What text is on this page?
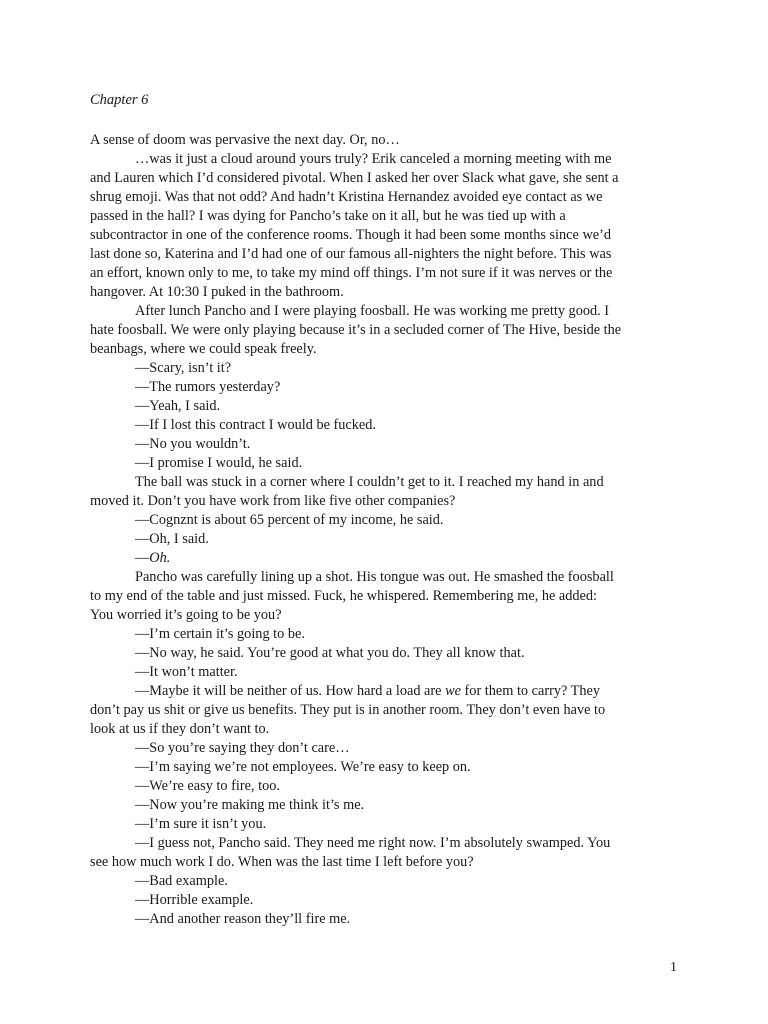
Chapter 6
A sense of doom was pervasive the next day. Or, no…
…was it just a cloud around yours truly? Erik canceled a morning meeting with me
and Lauren which I’d considered pivotal. When I asked her over Slack what gave, she sent a
shrug emoji. Was that not odd? And hadn’t Kristina Hernandez avoided eye contact as we
passed in the hall? I was dying for Pancho’s take on it all, but he was tied up with a
subcontractor in one of the conference rooms. Though it had been some months since we’d
last done so, Katerina and I’d had one of our famous all-nighters the night before. This was
an effort, known only to me, to take my mind off things. I’m not sure if it was nerves or the
hangover. At 10:30 I puked in the bathroom.
After lunch Pancho and I were playing foosball. He was working me pretty good. I
hate foosball. We were only playing because it’s in a secluded corner of The Hive, beside the
beanbags, where we could speak freely.
—Scary, isn’t it?
—The rumors yesterday?
—Yeah, I said.
—If I lost this contract I would be fucked.
—No you wouldn’t.
—I promise I would, he said.
The ball was stuck in a corner where I couldn’t get to it. I reached my hand in and
moved it. Don’t you have work from like five other companies?
—Cognznt is about 65 percent of my income, he said.
—Oh, I said.
—Oh.
Pancho was carefully lining up a shot. His tongue was out. He smashed the foosball
to my end of the table and just missed. Fuck, he whispered. Remembering me, he added:
You worried it’s going to be you?
—I’m certain it’s going to be.
—No way, he said. You’re good at what you do. They all know that.
—It won’t matter.
—Maybe it will be neither of us. How hard a load are we for them to carry? They
don’t pay us shit or give us benefits. They put is in another room. They don’t even have to
look at us if they don’t want to.
—So you’re saying they don’t care…
—I’m saying we’re not employees. We’re easy to keep on.
—We’re easy to fire, too.
—Now you’re making me think it’s me.
—I’m sure it isn’t you.
—I guess not, Pancho said. They need me right now. I’m absolutely swamped. You
see how much work I do. When was the last time I left before you?
—Bad example.
—Horrible example.
—And another reason they’ll fire me.
1
